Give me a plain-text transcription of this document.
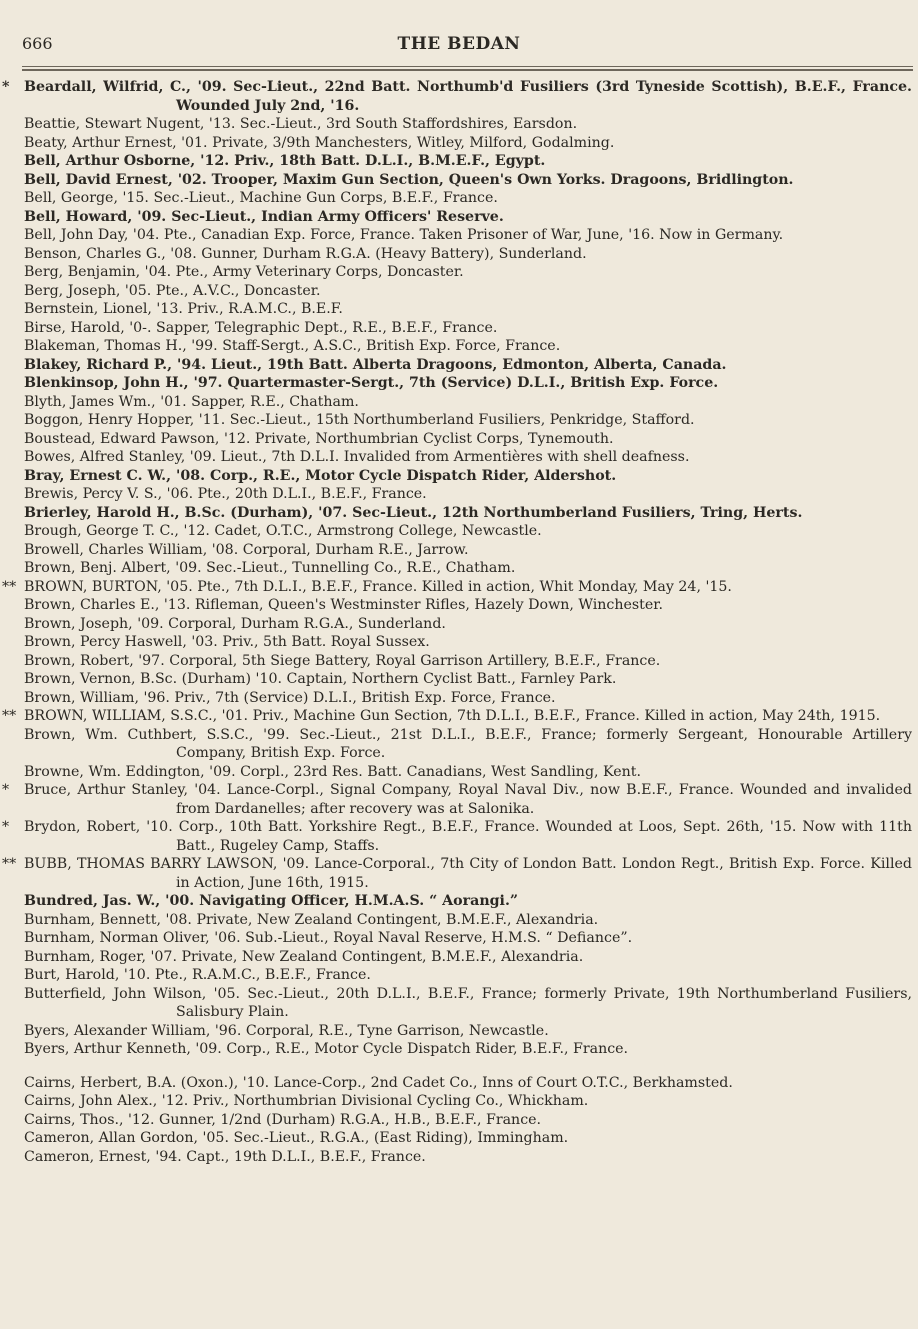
666	THE BEDAN
* Beardall, Wilfrid, C., '09. Sec-Lieut., 22nd Batt. Northumb'd Fusiliers (3rd Tyneside Scottish), B.E.F., France. Wounded July 2nd, '16.
Beattie, Stewart Nugent, '13. Sec.-Lieut., 3rd South Staffordshires, Earsdon.
Beaty, Arthur Ernest, '01. Private, 3/9th Manchesters, Witley, Milford, Godalming.
Bell, Arthur Osborne, '12. Priv., 18th Batt. D.L.I., B.M.E.F., Egypt.
Bell, David Ernest, '02. Trooper, Maxim Gun Section, Queen's Own Yorks. Dragoons, Bridlington.
Bell, George, '15. Sec.-Lieut., Machine Gun Corps, B.E.F., France.
Bell, Howard, '09. Sec-Lieut., Indian Army Officers' Reserve.
Bell, John Day, '04. Pte., Canadian Exp. Force, France. Taken Prisoner of War, June, '16. Now in Germany.
Benson, Charles G., '08. Gunner, Durham R.G.A. (Heavy Battery), Sunderland.
Berg, Benjamin, '04. Pte., Army Veterinary Corps, Doncaster.
Berg, Joseph, '05. Pte., A.V.C., Doncaster.
Bernstein, Lionel, '13. Priv., R.A.M.C., B.E.F.
Birse, Harold, '0-. Sapper, Telegraphic Dept., R.E., B.E.F., France.
Blakeman, Thomas H., '99. Staff-Sergt., A.S.C., British Exp. Force, France.
Blakey, Richard P., '94. Lieut., 19th Batt. Alberta Dragoons, Edmonton, Alberta, Canada.
Blenkinsop, John H., '97. Quartermaster-Sergt., 7th (Service) D.L.I., British Exp. Force.
Blyth, James Wm., '01. Sapper, R.E., Chatham.
Boggon, Henry Hopper, '11. Sec.-Lieut., 15th Northumberland Fusiliers, Penkridge, Stafford.
Boustead, Edward Pawson, '12. Private, Northumbrian Cyclist Corps, Tynemouth.
Bowes, Alfred Stanley, '09. Lieut., 7th D.L.I. Invalided from Armentières with shell deafness.
Bray, Ernest C. W., '08. Corp., R.E., Motor Cycle Dispatch Rider, Aldershot.
Brewis, Percy V. S., '06. Pte., 20th D.L.I., B.E.F., France.
Brierley, Harold H., B.Sc. (Durham), '07. Sec-Lieut., 12th Northumberland Fusiliers, Tring, Herts.
Brough, George T. C., '12. Cadet, O.T.C., Armstrong College, Newcastle.
Browell, Charles William, '08. Corporal, Durham R.E., Jarrow.
Brown, Benj. Albert, '09. Sec.-Lieut., Tunnelling Co., R.E., Chatham.
** BROWN, BURTON, '05. Pte., 7th D.L.I., B.E.F., France. Killed in action, Whit Monday, May 24, '15.
Brown, Charles E., '13. Rifleman, Queen's Westminster Rifles, Hazely Down, Winchester.
Brown, Joseph, '09. Corporal, Durham R.G.A., Sunderland.
Brown, Percy Haswell, '03. Priv., 5th Batt. Royal Sussex.
Brown, Robert, '97. Corporal, 5th Siege Battery, Royal Garrison Artillery, B.E.F., France.
Brown, Vernon, B.Sc. (Durham) '10. Captain, Northern Cyclist Batt., Farnley Park.
Brown, William, '96. Priv., 7th (Service) D.L.I., British Exp. Force, France.
** BROWN, WILLIAM, S.S.C., '01. Priv., Machine Gun Section, 7th D.L.I., B.E.F., France. Killed in action, May 24th, 1915.
Brown, Wm. Cuthbert, S.S.C., '99. Sec.-Lieut., 21st D.L.I., B.E.F., France; formerly Sergeant, Honourable Artillery Company, British Exp. Force.
Browne, Wm. Eddington, '09. Corpl., 23rd Res. Batt. Canadians, West Sandling, Kent.
* Bruce, Arthur Stanley, '04. Lance-Corpl., Signal Company, Royal Naval Div., now B.E.F., France. Wounded and invalided from Dardanelles; after recovery was at Salonika.
* Brydon, Robert, '10. Corp., 10th Batt. Yorkshire Regt., B.E.F., France. Wounded at Loos, Sept. 26th, '15. Now with 11th Batt., Rugeley Camp, Staffs.
** BUBB, THOMAS BARRY LAWSON, '09. Lance-Corporal., 7th City of London Batt. London Regt., British Exp. Force. Killed in Action, June 16th, 1915.
Bundred, Jas. W., '00. Navigating Officer, H.M.A.S. “ Aorangi.”
Burnham, Bennett, '08. Private, New Zealand Contingent, B.M.E.F., Alexandria.
Burnham, Norman Oliver, '06. Sub.-Lieut., Royal Naval Reserve, H.M.S. “ Defiance”.
Burnham, Roger, '07. Private, New Zealand Contingent, B.M.E.F., Alexandria.
Burt, Harold, '10. Pte., R.A.M.C., B.E.F., France.
Butterfield, John Wilson, '05. Sec.-Lieut., 20th D.L.I., B.E.F., France; formerly Private, 19th Northumberland Fusiliers, Salisbury Plain.
Byers, Alexander William, '96. Corporal, R.E., Tyne Garrison, Newcastle.
Byers, Arthur Kenneth, '09. Corp., R.E., Motor Cycle Dispatch Rider, B.E.F., France.
Cairns, Herbert, B.A. (Oxon.), '10. Lance-Corp., 2nd Cadet Co., Inns of Court O.T.C., Berkhamsted.
Cairns, John Alex., '12. Priv., Northumbrian Divisional Cycling Co., Whickham.
Cairns, Thos., '12. Gunner, 1/2nd (Durham) R.G.A., H.B., B.E.F., France.
Cameron, Allan Gordon, '05. Sec.-Lieut., R.G.A., (East Riding), Immingham.
Cameron, Ernest, '94. Capt., 19th D.L.I., B.E.F., France.
